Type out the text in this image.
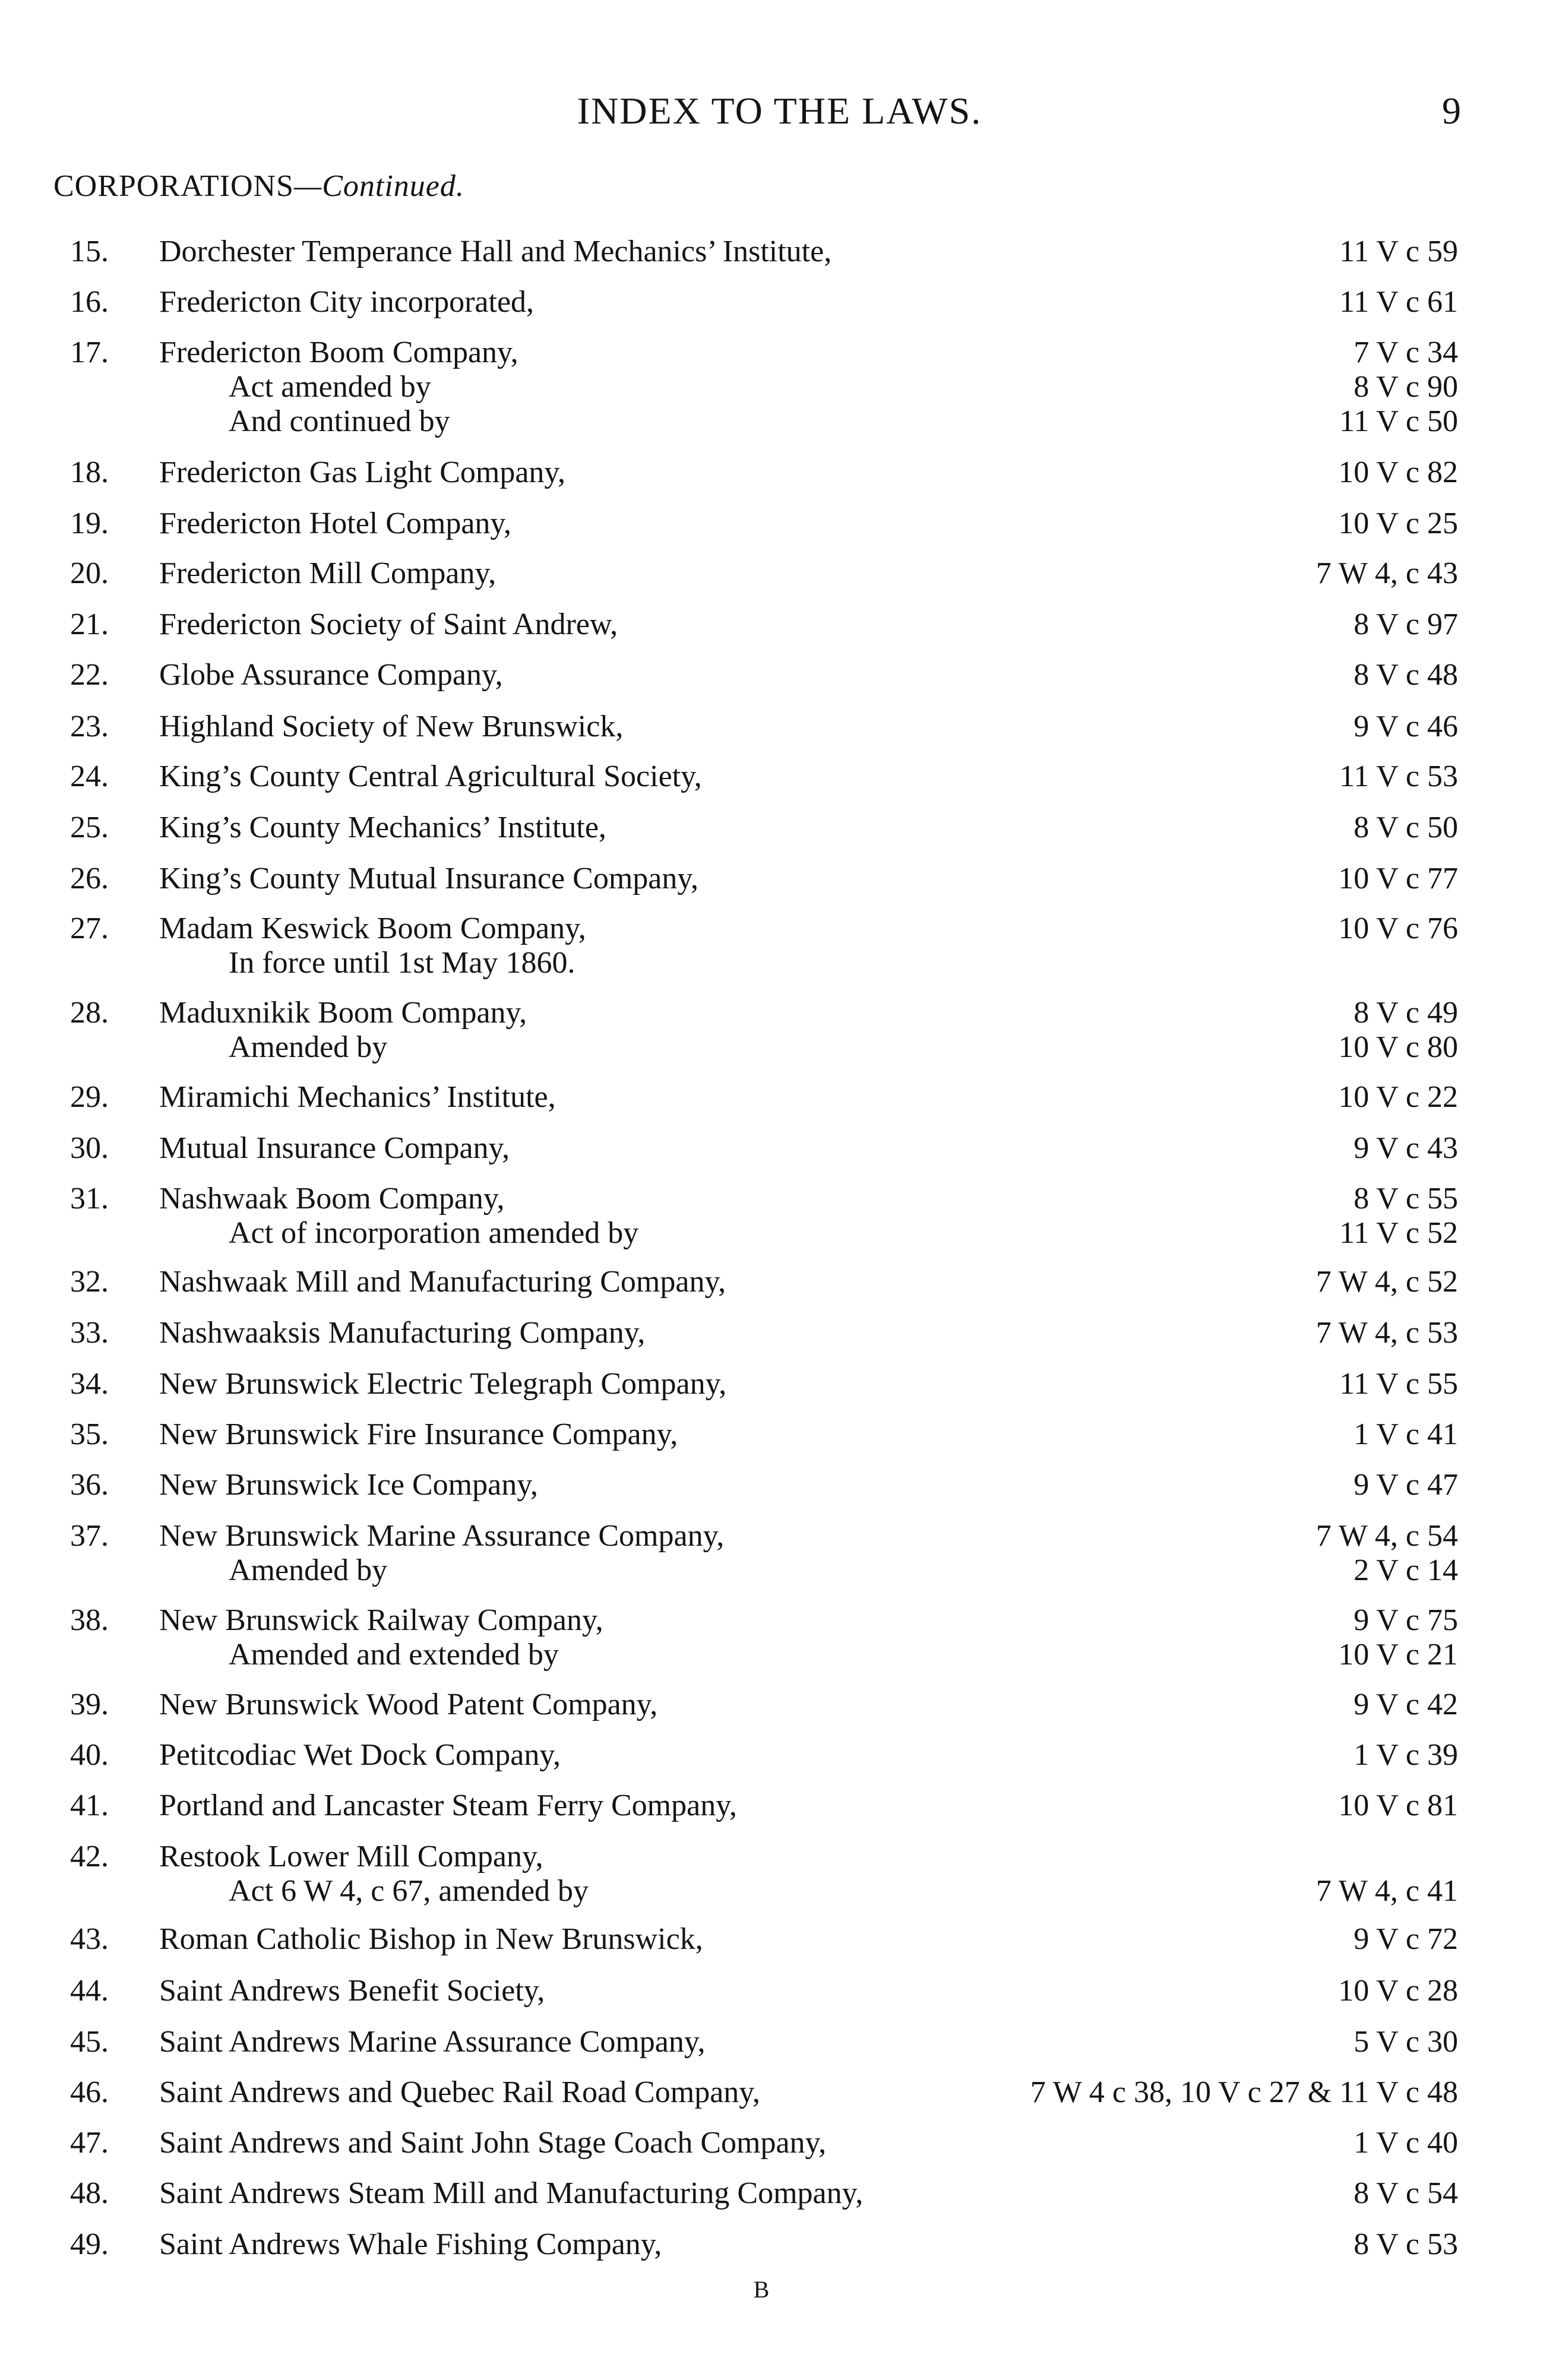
INDEX TO THE LAWS.	9
CORPORATIONS—Continued.
15.	Dorchester Temperance Hall and Mechanics’ Institute,	11 V c 59
16.	Fredericton City incorporated,	11 V c 61
17.	Fredericton Boom Company,	7 V c 34
Act amended by	8 V c 90
And continued by	11 V c 50
18.	Fredericton Gas Light Company,	10 V c 82
19.	Fredericton Hotel Company,	10 V c 25
20.	Fredericton Mill Company,	7 W 4, c 43
21.	Fredericton Society of Saint Andrew,	8 V c 97
22.	Globe Assurance Company,	8 V c 48
23.	Highland Society of New Brunswick,	9 V c 46
24.	King’s County Central Agricultural Society,	11 V c 53
25.	King’s County Mechanics’ Institute,	8 V c 50
26.	King’s County Mutual Insurance Company,	10 V c 77
27.	Madam Keswick Boom Company,	10 V c 76
In force until 1st May 1860.
28.	Maduxnikik Boom Company,	8 V c 49
Amended by	10 V c 80
29.	Miramichi Mechanics’ Institute,	10 V c 22
30.	Mutual Insurance Company,	9 V c 43
31.	Nashwaak Boom Company,	8 V c 55
Act of incorporation amended by	11 V c 52
32.	Nashwaak Mill and Manufacturing Company,	7 W 4, c 52
33.	Nashwaaksis Manufacturing Company,	7 W 4, c 53
34.	New Brunswick Electric Telegraph Company,	11 V c 55
35.	New Brunswick Fire Insurance Company,	1 V c 41
36.	New Brunswick Ice Company,	9 V c 47
37.	New Brunswick Marine Assurance Company,	7 W 4, c 54
Amended by	2 V c 14
38.	New Brunswick Railway Company,	9 V c 75
Amended and extended by	10 V c 21
39.	New Brunswick Wood Patent Company,	9 V c 42
40.	Petitcodiac Wet Dock Company,	1 V c 39
41.	Portland and Lancaster Steam Ferry Company,	10 V c 81
42.	Restook Lower Mill Company,
Act 6 W 4, c 67, amended by	7 W 4, c 41
43.	Roman Catholic Bishop in New Brunswick,	9 V c 72
44.	Saint Andrews Benefit Society,	10 V c 28
45.	Saint Andrews Marine Assurance Company,	5 V c 30
46.	Saint Andrews and Quebec Rail Road Company,	7 W 4 c 38, 10 V c 27 & 11 V c 48
47.	Saint Andrews and Saint John Stage Coach Company,	1 V c 40
48.	Saint Andrews Steam Mill and Manufacturing Company,	8 V c 54
49.	Saint Andrews Whale Fishing Company,	8 V c 53
B
